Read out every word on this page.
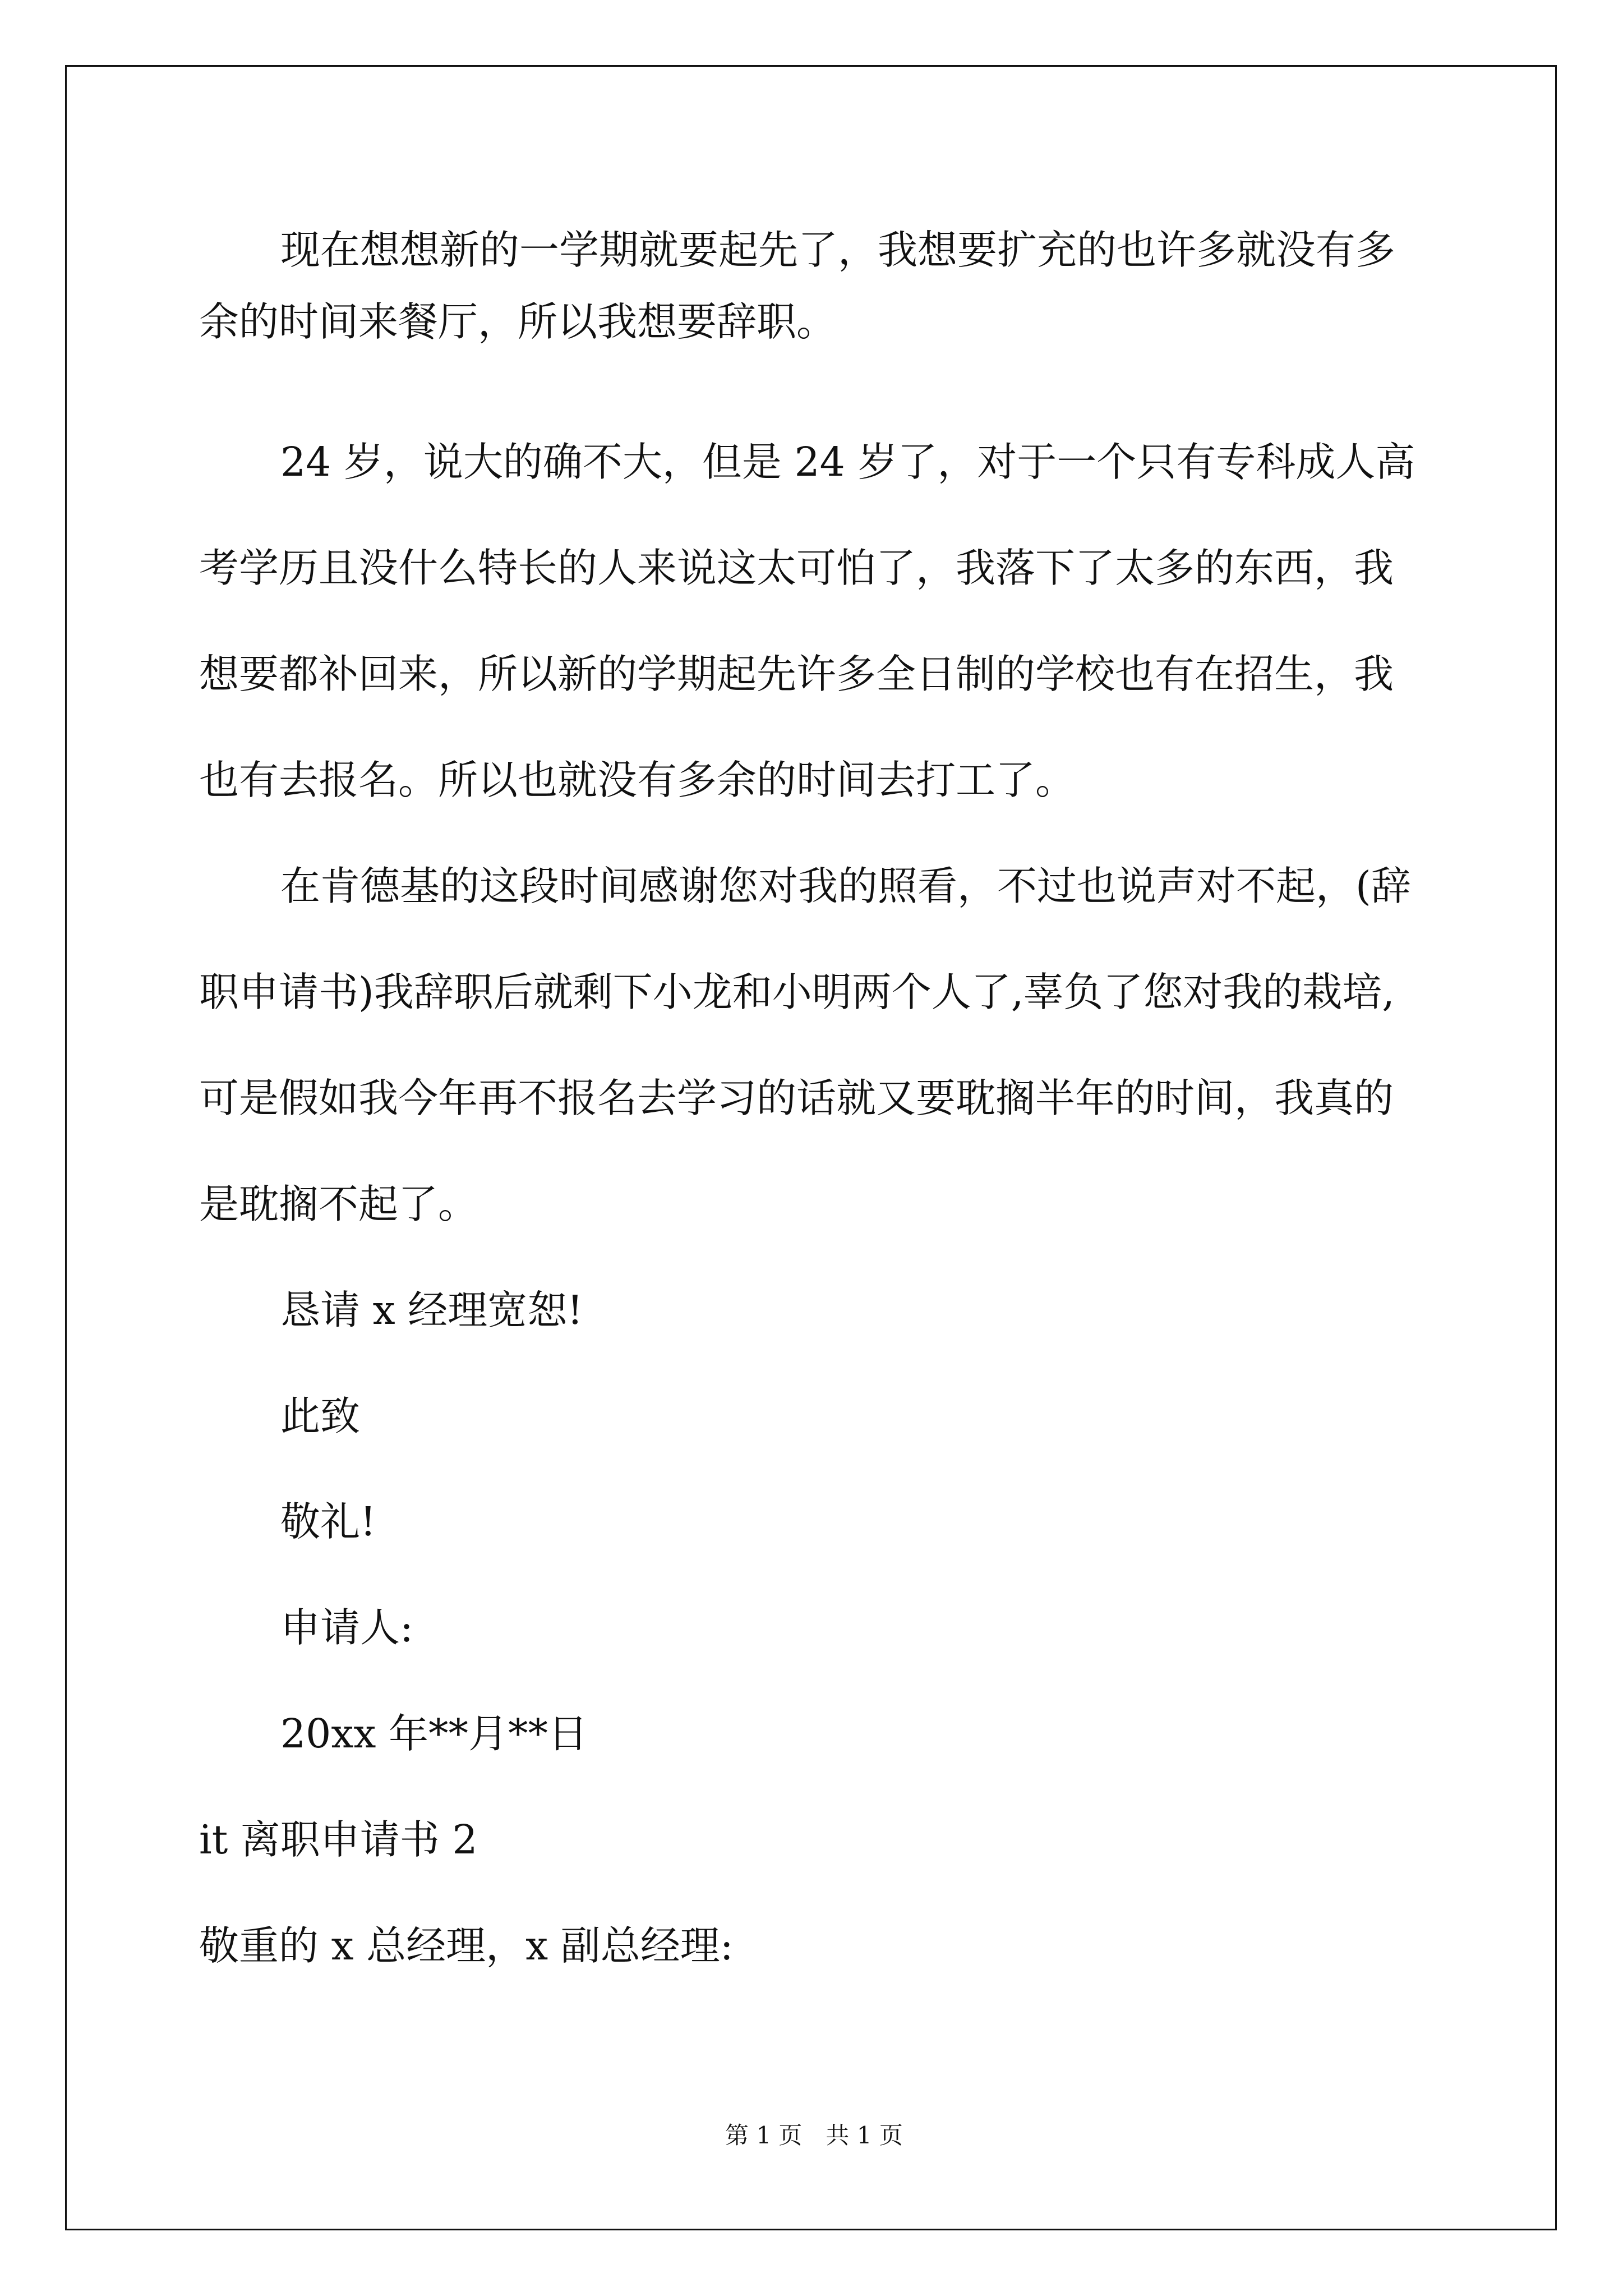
现在想想新的一学期就要起先了，我想要扩充的也许多就没有多
余的时间来餐厅，所以我想要辞职。
24 岁，说大的确不大，但是 24 岁了，对于一个只有专科成人高
考学历且没什么特长的人来说这太可怕了，我落下了太多的东西，我
想要都补回来，所以新的学期起先许多全日制的学校也有在招生，我
也有去报名。所以也就没有多余的时间去打工了。
在肯德基的这段时间感谢您对我的照看，不过也说声对不起，(辞
职申请书)我辞职后就剩下小龙和小明两个人了,辜负了您对我的栽培,
可是假如我今年再不报名去学习的话就又要耽搁半年的时间，我真的
是耽搁不起了。
恳请 x 经理宽恕!
此致
敬礼!
申请人:
20xx 年**月**日
it 离职申请书 2
敬重的 x 总经理，x 副总经理:
第 1 页　共 1 页
